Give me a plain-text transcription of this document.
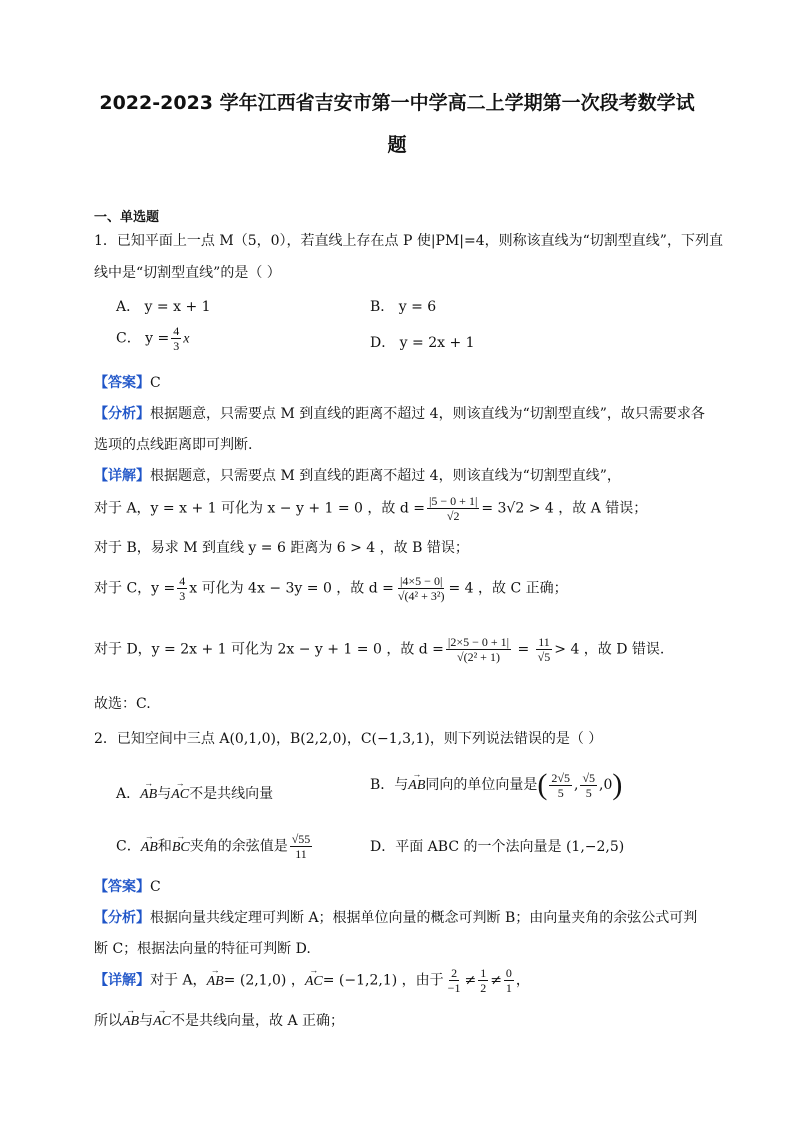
2022-2023 学年江西省吉安市第一中学高二上学期第一次段考数学试
题
一、单选题
1．已知平面上一点 M（5，0），若直线上存在点 P 使|PM|=4，则称该直线为“切割型直线”，下列直
线中是“切割型直线”的是（ ）
A． y = x + 1	B． y = 6
C． $y = \frac{4}{3}$ x	D． y = 2x + 1
【答案】C
【分析】根据题意，只需要点 M 到直线的距离不超过 4，则该直线为“切割型直线”，故只需要求各
选项的点线距离即可判断.
【详解】根据题意，只需要点 M 到直线的距离不超过 4，则该直线为“切割型直线”，
对于 A，y = x + 1 可化为 x − y + 1 = 0 ，故 $d = \frac{|5 - 0 + 1|}{√2} = 3√2 > 4$ ，故 A 错误；
对于 B，易求 M 到直线 y = 6 距离为 6 > 4 ，故 B 错误；
对于 C，$y = \frac{4}{3}$ x 可化为 4x − 3y = 0 ，故 $d = \frac{|4\times 5 - 0|}{\text{√(4² + 3²)}} = 4$ ，故 C 正确；
对于 D，y = 2x + 1 可化为 2x − y + 1 = 0 ，故 $d = \frac{|2\times 5 - 0 + 1|}{\text{√(2² + 1)}} = \frac{11}{√5} > 4$ ，故 D 错误.
故选：C.
2．已知空间中三点 A(0,1,0)，B(2,2,0)，C(−1,3,1)，则下列说法错误的是（ ）
A．→ AB与→ AC不是共线向量
B．与→ AB同向的单位向量是( $\frac{2√5}{5}$ , $\frac{√5}{5} ,0$)
C．→ AB和→ BC夹角的余弦值是 $\frac{√55}{11}$	D．平面 ABC 的一个法向量是 (1,−2,5)
【答案】C
【分析】根据向量共线定理可判断 A；根据单位向量的概念可判断 B；由向量夹角的余弦公式可判
断 C；根据法向量的特征可判断 D.
【详解】对于 A，→ AB= (2,1,0) ，→ AC= (−1,2,1) ，由于 $\frac{2}{-1} \ne \frac{1}{2} \ne \frac{0}{1}$ ，
所以→ AB与→ AC不是共线向量，故 A 正确；
